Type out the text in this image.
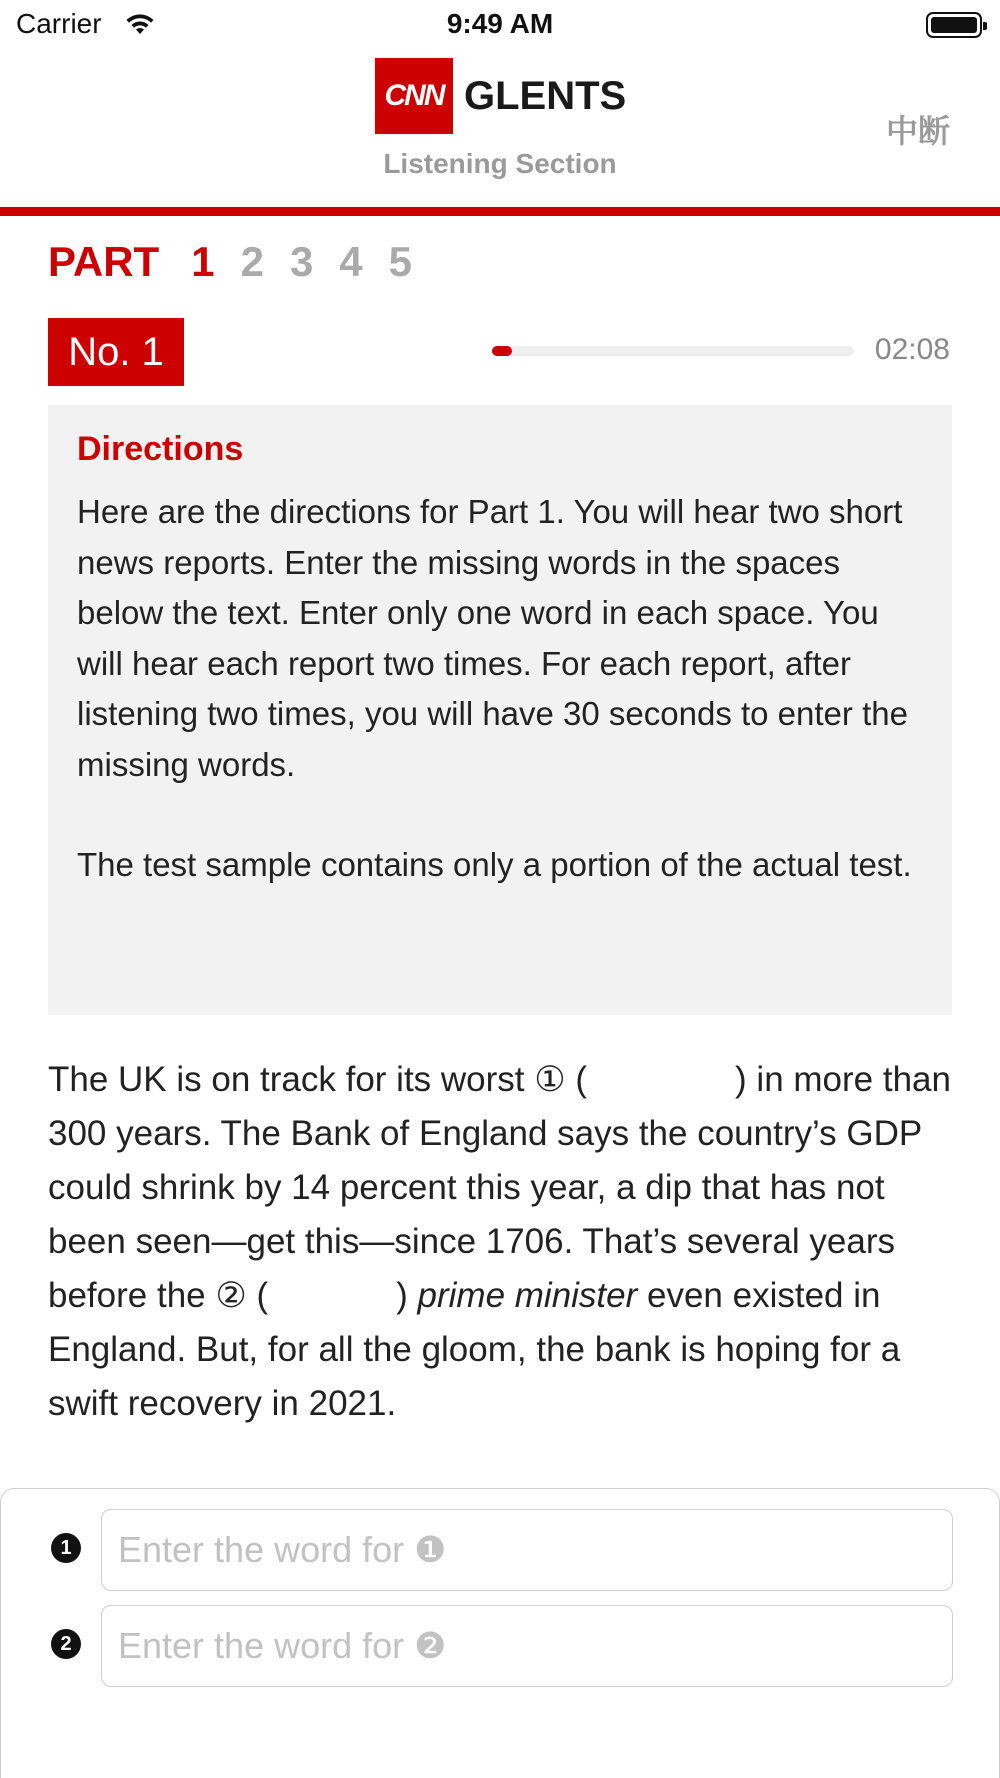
Carrier	9:49 AM
CNN GLENTS
Listening Section
中断
PART 1 2 3 4 5
No. 1	02:08
Directions
Here are the directions for Part 1. You will hear two short news reports. Enter the missing words in the spaces below the text. Enter only one word in each space. You will hear each report two times. For each report, after listening two times, you will have 30 seconds to enter the missing words.
The test sample contains only a portion of the actual test.
The UK is on track for its worst ① (	) in more than 300 years. The Bank of England says the country’s GDP could shrink by 14 percent this year, a dip that has not been seen—get this—since 1706. That’s several years before the ② (	) prime minister even existed in England. But, for all the gloom, the bank is hoping for a swift recovery in 2021.
1
Enter the word for ❶
2
Enter the word for ❷
